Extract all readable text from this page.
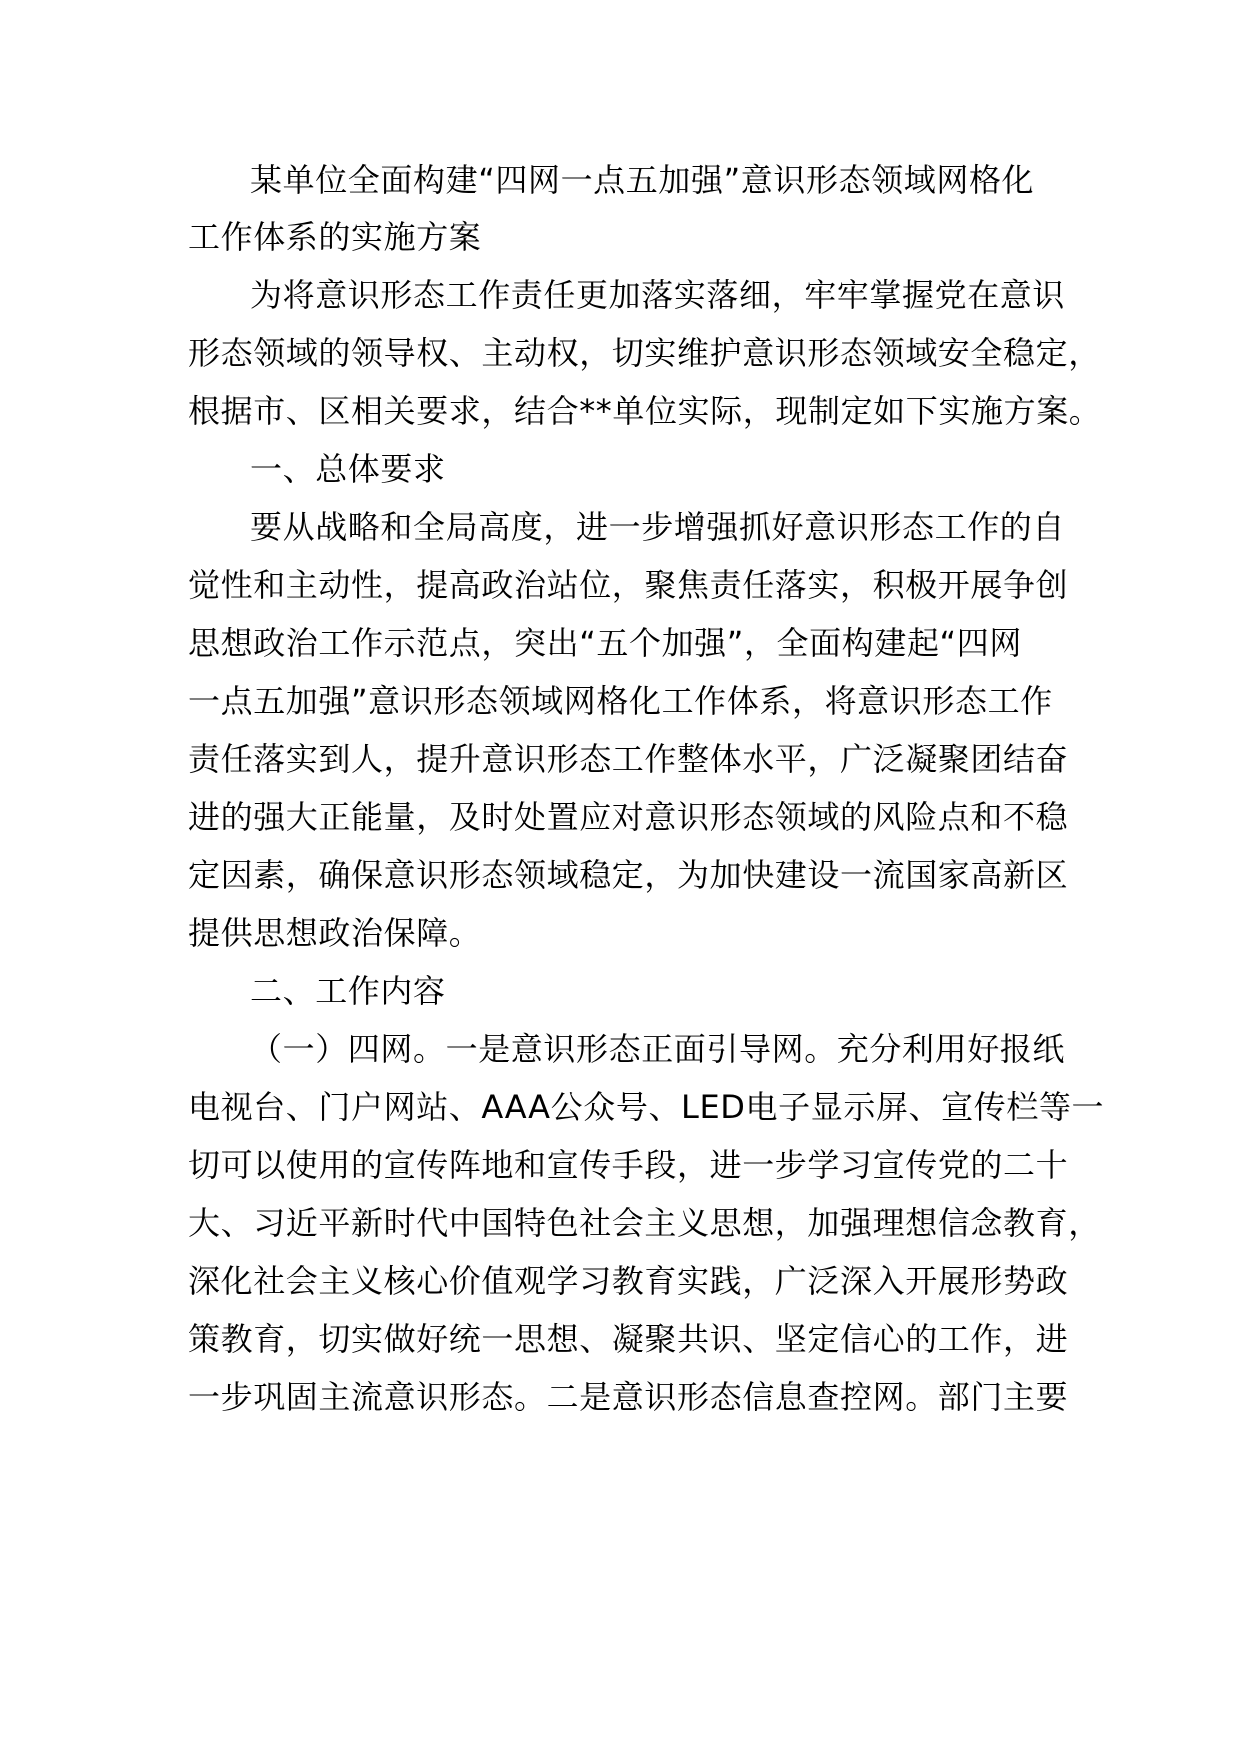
某单位全面构建“四网一点五加强”意识形态领域网格化
工作体系的实施方案
为将意识形态工作责任更加落实落细，牢牢掌握党在意识
形态领域的领导权、主动权，切实维护意识形态领域安全稳定，
根据市、区相关要求，结合**单位实际，现制定如下实施方案。
一、总体要求
要从战略和全局高度，进一步增强抓好意识形态工作的自
觉性和主动性，提高政治站位，聚焦责任落实，积极开展争创
思想政治工作示范点，突出“五个加强”，全面构建起“四网
一点五加强”意识形态领域网格化工作体系，将意识形态工作
责任落实到人，提升意识形态工作整体水平，广泛凝聚团结奋
进的强大正能量，及时处置应对意识形态领域的风险点和不稳
定因素，确保意识形态领域稳定，为加快建设一流国家高新区
提供思想政治保障。
二、工作内容
（一）四网。一是意识形态正面引导网。充分利用好报纸
电视台、门户网站、AAA公众号、LED电子显示屏、宣传栏等一
切可以使用的宣传阵地和宣传手段，进一步学习宣传党的二十
大、习近平新时代中国特色社会主义思想，加强理想信念教育，
深化社会主义核心价值观学习教育实践，广泛深入开展形势政
策教育，切实做好统一思想、凝聚共识、坚定信心的工作，进
一步巩固主流意识形态。二是意识形态信息查控网。部门主要
